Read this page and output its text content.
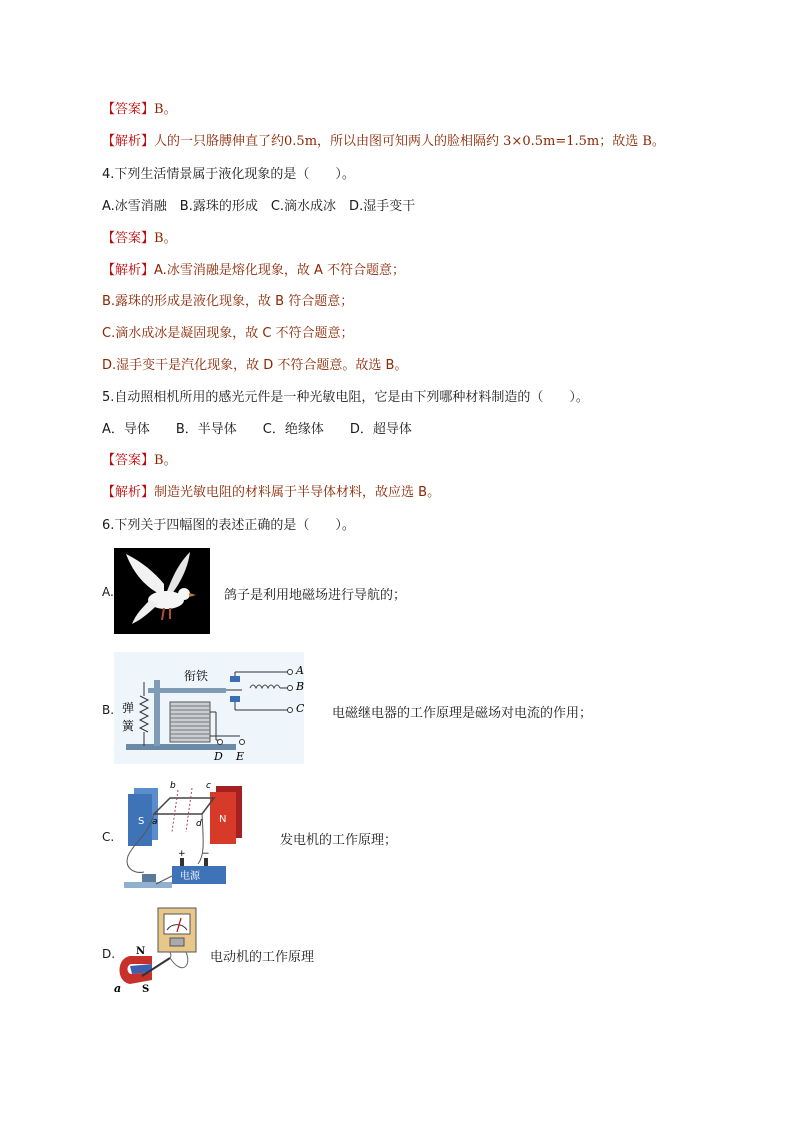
【答案】B。
【解析】人的一只胳膊伸直了约0.5m，所以由图可知两人的脸相隔约 3×0.5m=1.5m；故选 B。
4.下列生活情景属于液化现象的是（　　）。
A.冰雪消融　B.露珠的形成　C.滴水成冰　D.湿手变干
【答案】B。
【解析】A.冰雪消融是熔化现象，故 A 不符合题意；
B.露珠的形成是液化现象，故 B 符合题意；
C.滴水成冰是凝固现象，故 C 不符合题意；
D.湿手变干是汽化现象，故 D 不符合题意。故选 B。
5.自动照相机所用的感光元件是一种光敏电阻，它是由下列哪种材料制造的（　　）。
A．导体　　B．半导体　　C．绝缘体　　D．超导体
【答案】B。
【解析】制造光敏电阻的材料属于半导体材料，故应选 B。
6.下列关于四幅图的表述正确的是（　　）。
A.	鸽子是利用地磁场进行导航的；
B.
衔铁
弹
簧
A
B
C
D E
电磁继电器的工作原理是磁场对电流的作用；
C.
S	N
a
b	c
d
+ −
电源
发电机的工作原理；
D. N
S
a
电动机的工作原理
